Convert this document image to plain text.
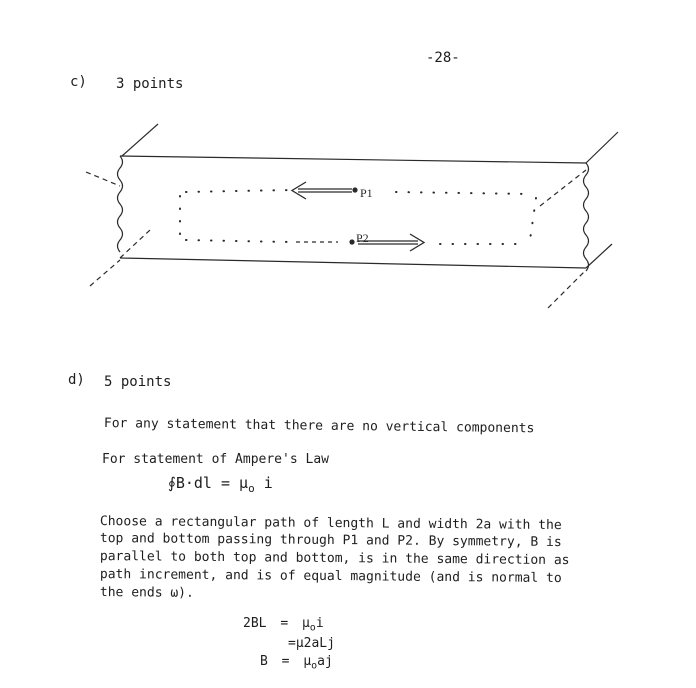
-28-
c) 3 points
P1
P2
d) 5 points
For any statement that there are no vertical components
For statement of Ampere's Law
∮B·dl = $\mu_o$ i
Choose a rectangular path of length L and width 2a with the
top and bottom passing through P1 and P2. By symmetry, B is
parallel to both top and bottom, is in the same direction as
path increment, and is of equal magnitude (and is normal to
the ends ω).
$2BL = \mu_oi$
=μ2aLj
$B = \mu_oaj$
